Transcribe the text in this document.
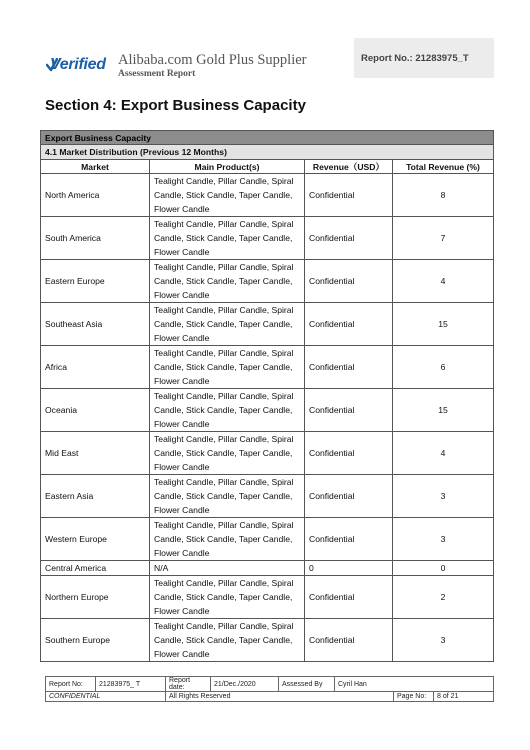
Verified Alibaba.com Gold Plus Supplier
Assessment Report
Report No.: 21283975_T
Section 4: Export Business Capacity
Export Business Capacity			
4.1 Market Distribution (Previous 12 Months)			
Market	Main Product(s)	Revenue（USD）	Total Revenue (%)
North America	Tealight Candle, Pillar Candle, Spiral Candle, Stick Candle, Taper Candle, Flower Candle	Confidential	8
South America	Tealight Candle, Pillar Candle, Spiral Candle, Stick Candle, Taper Candle, Flower Candle	Confidential	7
Eastern Europe	Tealight Candle, Pillar Candle, Spiral Candle, Stick Candle, Taper Candle, Flower Candle	Confidential	4
Southeast Asia	Tealight Candle, Pillar Candle, Spiral Candle, Stick Candle, Taper Candle, Flower Candle	Confidential	15
Africa	Tealight Candle, Pillar Candle, Spiral Candle, Stick Candle, Taper Candle, Flower Candle	Confidential	6
Oceania	Tealight Candle, Pillar Candle, Spiral Candle, Stick Candle, Taper Candle, Flower Candle	Confidential	15
Mid East	Tealight Candle, Pillar Candle, Spiral Candle, Stick Candle, Taper Candle, Flower Candle	Confidential	4
Eastern Asia	Tealight Candle, Pillar Candle, Spiral Candle, Stick Candle, Taper Candle, Flower Candle	Confidential	3
Western Europe	Tealight Candle, Pillar Candle, Spiral Candle, Stick Candle, Taper Candle, Flower Candle	Confidential	3
Central America	N/A	0	0
Northern Europe	Tealight Candle, Pillar Candle, Spiral Candle, Stick Candle, Taper Candle, Flower Candle	Confidential	2
Southern Europe	Tealight Candle, Pillar Candle, Spiral Candle, Stick Candle, Taper Candle, Flower Candle	Confidential	3
Report No:	21283975_ T	Report date:	21/Dec./2020	Assessed By	Cyril Han		
CONFIDENTIAL		All Rights Reserved				Page No:	8 of 21
